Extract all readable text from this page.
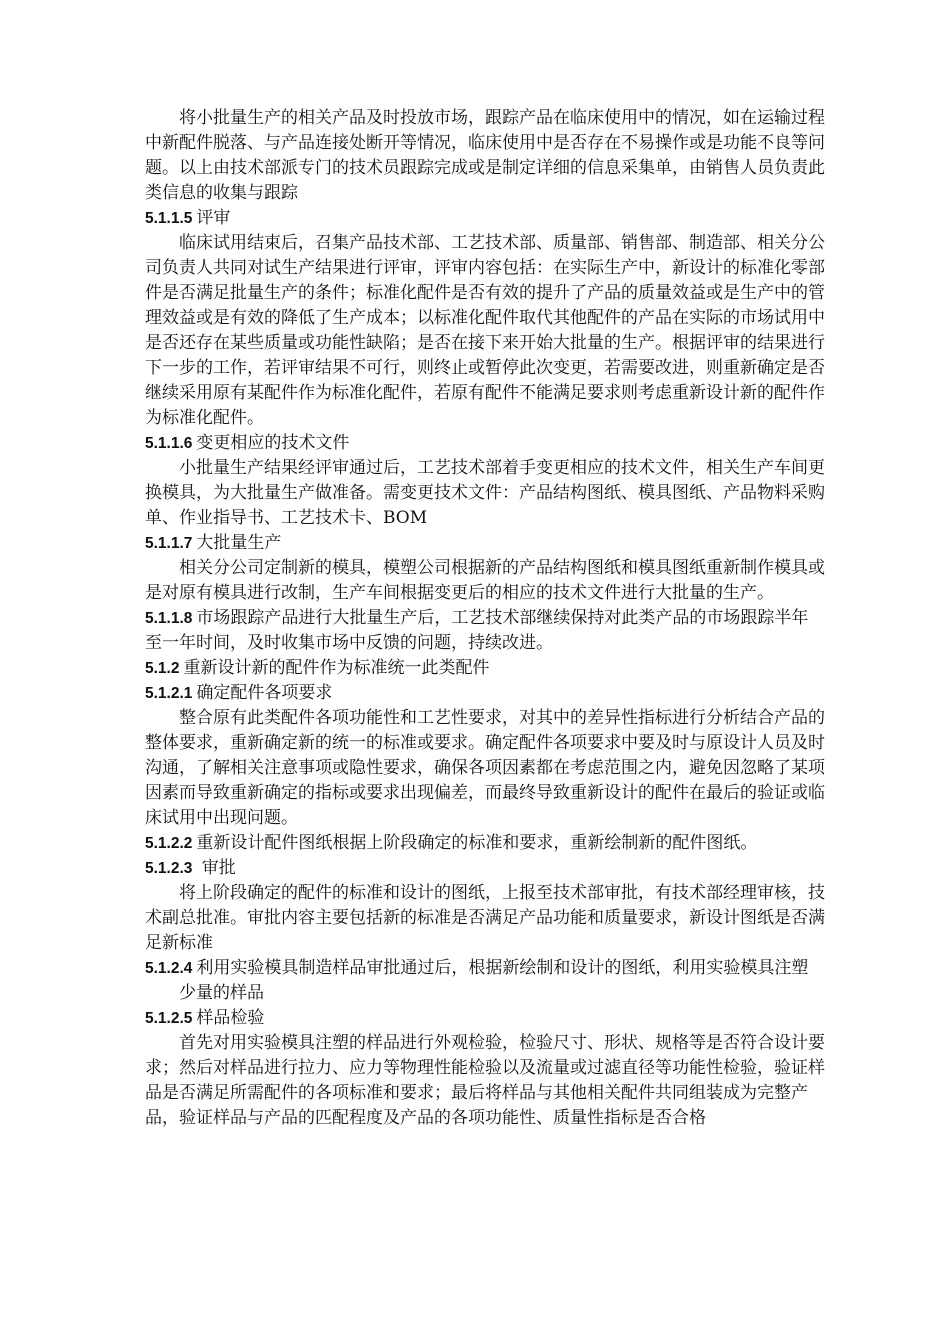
将小批量生产的相关产品及时投放市场，跟踪产品在临床使用中的情况，如在运输过程中新配件脱落、与产品连接处断开等情况，临床使用中是否存在不易操作或是功能不良等问题。以上由技术部派专门的技术员跟踪完成或是制定详细的信息采集单，由销售人员负责此类信息的收集与跟踪

5.1.1.5 评审

临床试用结束后，召集产品技术部、工艺技术部、质量部、销售部、制造部、相关分公司负责人共同对试生产结果进行评审，评审内容包括：在实际生产中，新设计的标准化零部件是否满足批量生产的条件；标准化配件是否有效的提升了产品的质量效益或是生产中的管理效益或是有效的降低了生产成本；以标准化配件取代其他配件的产品在实际的市场试用中是否还存在某些质量或功能性缺陷；是否在接下来开始大批量的生产。根据评审的结果进行下一步的工作，若评审结果不可行，则终止或暂停此次变更，若需要改进，则重新确定是否继续采用原有某配件作为标准化配件，若原有配件不能满足要求则考虑重新设计新的配件作为标准化配件。

5.1.1.6 变更相应的技术文件

小批量生产结果经评审通过后，工艺技术部着手变更相应的技术文件，相关生产车间更换模具，为大批量生产做准备。需变更技术文件：产品结构图纸、模具图纸、产品物料采购单、作业指导书、工艺技术卡、BOM

5.1.1.7 大批量生产

相关分公司定制新的模具，模塑公司根据新的产品结构图纸和模具图纸重新制作模具或是对原有模具进行改制，生产车间根据变更后的相应的技术文件进行大批量的生产。

5.1.1.8 市场跟踪产品进行大批量生产后，工艺技术部继续保持对此类产品的市场跟踪半年至一年时间，及时收集市场中反馈的问题，持续改进。

5.1.2 重新设计新的配件作为标准统一此类配件

5.1.2.1 确定配件各项要求

整合原有此类配件各项功能性和工艺性要求，对其中的差异性指标进行分析结合产品的整体要求，重新确定新的统一的标准或要求。确定配件各项要求中要及时与原设计人员及时沟通，了解相关注意事项或隐性要求，确保各项因素都在考虑范围之内，避免因忽略了某项因素而导致重新确定的指标或要求出现偏差，而最终导致重新设计的配件在最后的验证或临床试用中出现问题。

5.1.2.2 重新设计配件图纸根据上阶段确定的标准和要求，重新绘制新的配件图纸。

5.1.2.3 审批

将上阶段确定的配件的标准和设计的图纸，上报至技术部审批，有技术部经理审核，技术副总批准。审批内容主要包括新的标准是否满足产品功能和质量要求，新设计图纸是否满足新标准

5.1.2.4 利用实验模具制造样品审批通过后，根据新绘制和设计的图纸，利用实验模具注塑少量的样品

5.1.2.5 样品检验

首先对用实验模具注塑的样品进行外观检验，检验尺寸、形状、规格等是否符合设计要求；然后对样品进行拉力、应力等物理性能检验以及流量或过滤直径等功能性检验，验证样品是否满足所需配件的各项标准和要求；最后将样品与其他相关配件共同组装成为完整产品，验证样品与产品的匹配程度及产品的各项功能性、质量性指标是否合格
